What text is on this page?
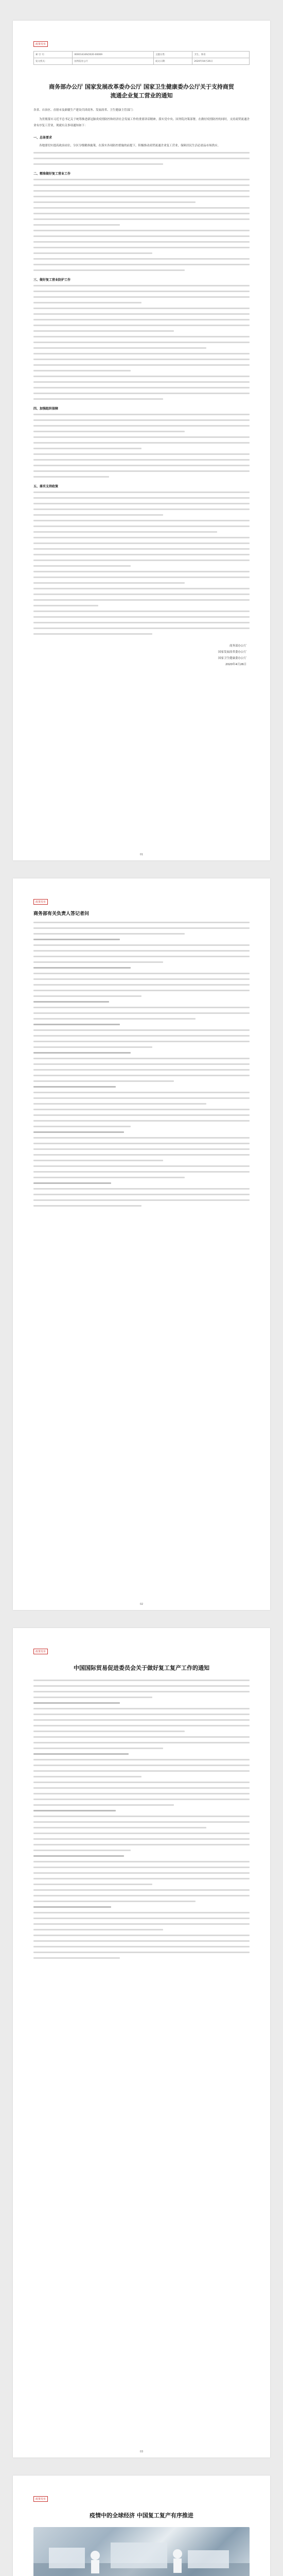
政策发布
索 引 号：	000014349/2020-00069	主题分类：	卫生、体育
发文机关：	国务院办公厅	成文日期：	2020年04月26日
商务部办公厅 国家发展改革委办公厅 国家卫生健康委办公厅关于支持商贸流通企业复工营业的通知

各省、自治区、直辖市及新疆生产建设兵团商务、发展改革、卫生健康主管部门：

为贯彻落实习近平总书记关于统筹推进新冠肺炎疫情防控和经济社会发展工作的重要讲话精神，落实党中央、国务院决策部署，在做好疫情防控的同时，支持商贸流通企业有序复工营业，现就有关事项通知如下：

一、总体要求

各地要切实提高政治站位，分区分级精准施策，在落实各项防控措施的前提下，积极推动商贸流通企业复工营业，保障居民生活必需品市场供应。

二、精准做好复工营业工作
三、做好复工营业防护工作
四、加强组织保障
五、落实支持政策
商务部办公厅
国家发展改革委办公厅
国家卫生健康委办公厅
2020年4月26日
01
政策发布
商务部有关负责人答记者问
02
政策发布
中国国际贸易促进委员会关于做好复工复产工作的通知
03
政策发布
疫情中的全球经济 中国复工复产有序推进
